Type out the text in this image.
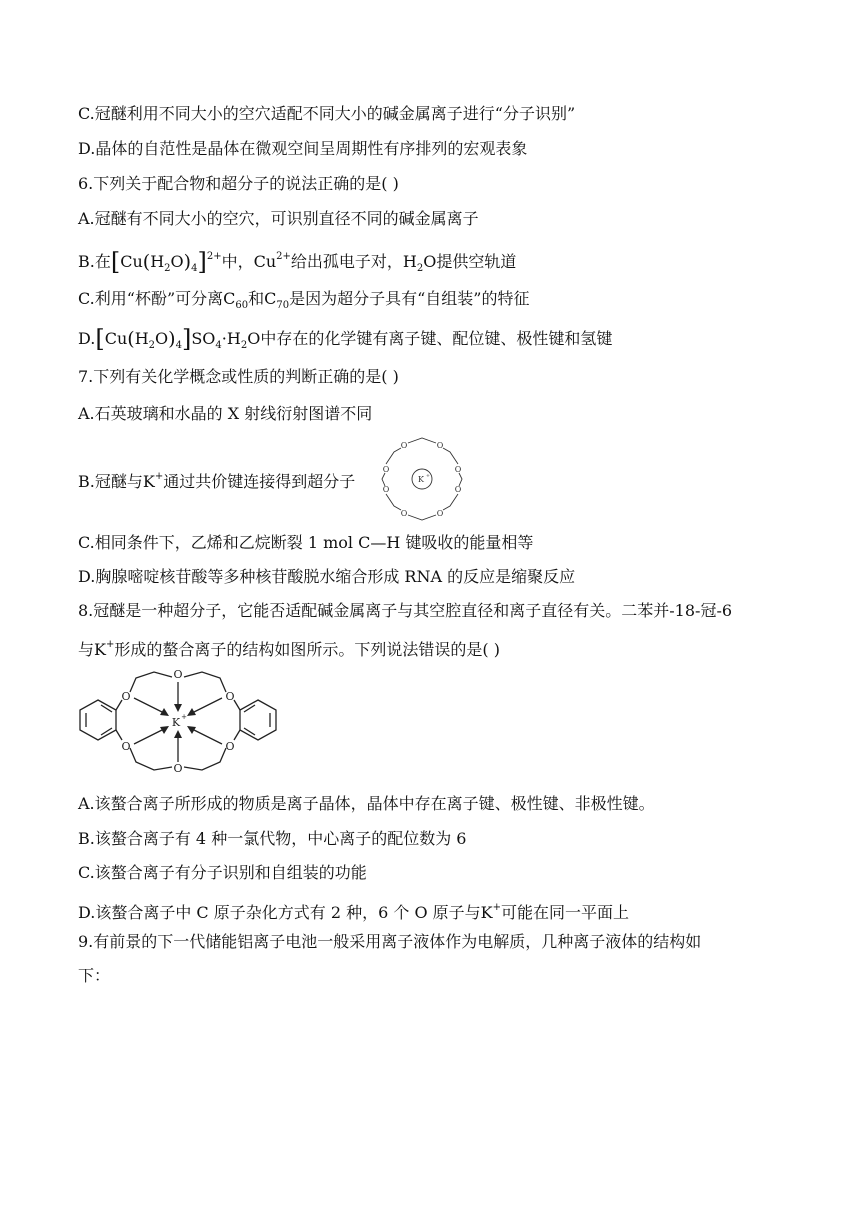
C.冠醚利用不同大小的空穴适配不同大小的碱金属离子进行“分子识别”
D.晶体的自范性是晶体在微观空间呈周期性有序排列的宏观表象
6.下列关于配合物和超分子的说法正确的是( )
A.冠醚有不同大小的空穴，可识别直径不同的碱金属离子
B.在$[Cu(H_2O)_4]^{2+}$中，$Cu^{2+}$给出孤电子对，$H_2O$提供空轨道
C.利用“杯酚”可分离$C_{60}$和$C_{70}$是因为超分子具有“自组装”的特征
$D.[Cu(H_2O)_4]SO_4\cdot H_2O$中存在的化学键有离子键、配位键、极性键和氢键
7.下列有关化学概念或性质的判断正确的是( )
A.石英玻璃和水晶的 X 射线衍射图谱不同
B.冠醚与K+通过共价键连接得到超分子
O	O
O
O
O
O
O
O
K +
C.相同条件下，乙烯和乙烷断裂 1 mol C—H 键吸收的能量相等
D.胸腺嘧啶核苷酸等多种核苷酸脱水缩合形成 RNA 的反应是缩聚反应
8.冠醚是一种超分子，它能否适配碱金属离子与其空腔直径和离子直径有关。二苯并-18-冠-6
与K+形成的螯合离子的结构如图所示。下列说法错误的是( )
O
O
O
O
O
O
K +
A.该螯合离子所形成的物质是离子晶体，晶体中存在离子键、极性键、非极性键。
B.该螯合离子有 4 种一氯代物，中心离子的配位数为 6
C.该螯合离子有分子识别和自组装的功能
D.该螯合离子中 C 原子杂化方式有 2 种，6 个 O 原子与K+可能在同一平面上
9.有前景的下一代储能铝离子电池一般采用离子液体作为电解质，几种离子液体的结构如
下：
